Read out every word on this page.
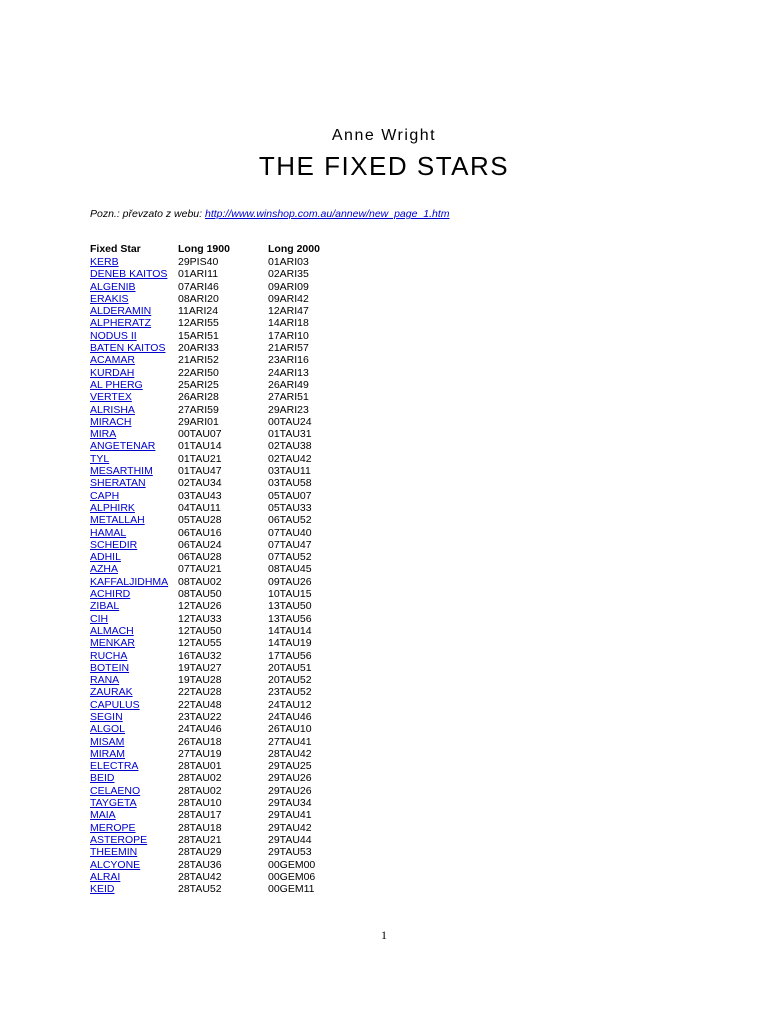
Anne Wright
THE FIXED STARS
Pozn.: převzato z webu: http://www.winshop.com.au/annew/new_page_1.htm
Fixed Star	Long 1900	Long 2000
KERB	29PIS40	01ARI03
DENEB KAITOS	01ARI11	02ARI35
ALGENIB	07ARI46	09ARI09
ERAKIS	08ARI20	09ARI42
ALDERAMIN	11ARI24	12ARI47
ALPHERATZ	12ARI55	14ARI18
NODUS II	15ARI51	17ARI10
BATEN KAITOS	20ARI33	21ARI57
ACAMAR	21ARI52	23ARI16
KURDAH	22ARI50	24ARI13
AL PHERG	25ARI25	26ARI49
VERTEX	26ARI28	27ARI51
ALRISHA	27ARI59	29ARI23
MIRACH	29ARI01	00TAU24
MIRA	00TAU07	01TAU31
ANGETENAR	01TAU14	02TAU38
TYL	01TAU21	02TAU42
MESARTHIM	01TAU47	03TAU11
SHERATAN	02TAU34	03TAU58
CAPH	03TAU43	05TAU07
ALPHIRK	04TAU11	05TAU33
METALLAH	05TAU28	06TAU52
HAMAL	06TAU16	07TAU40
SCHEDIR	06TAU24	07TAU47
ADHIL	06TAU28	07TAU52
AZHA	07TAU21	08TAU45
KAFFALJIDHMA	08TAU02	09TAU26
ACHIRD	08TAU50	10TAU15
ZIBAL	12TAU26	13TAU50
CIH	12TAU33	13TAU56
ALMACH	12TAU50	14TAU14
MENKAR	12TAU55	14TAU19
RUCHA	16TAU32	17TAU56
BOTEIN	19TAU27	20TAU51
RANA	19TAU28	20TAU52
ZAURAK	22TAU28	23TAU52
CAPULUS	22TAU48	24TAU12
SEGIN	23TAU22	24TAU46
ALGOL	24TAU46	26TAU10
MISAM	26TAU18	27TAU41
MIRAM	27TAU19	28TAU42
ELECTRA	28TAU01	29TAU25
BEID	28TAU02	29TAU26
CELAENO	28TAU02	29TAU26
TAYGETA	28TAU10	29TAU34
MAIA	28TAU17	29TAU41
MEROPE	28TAU18	29TAU42
ASTEROPE	28TAU21	29TAU44
THEEMIN	28TAU29	29TAU53
ALCYONE	28TAU36	00GEM00
ALRAI	28TAU42	00GEM06
KEID	28TAU52	00GEM11
1
